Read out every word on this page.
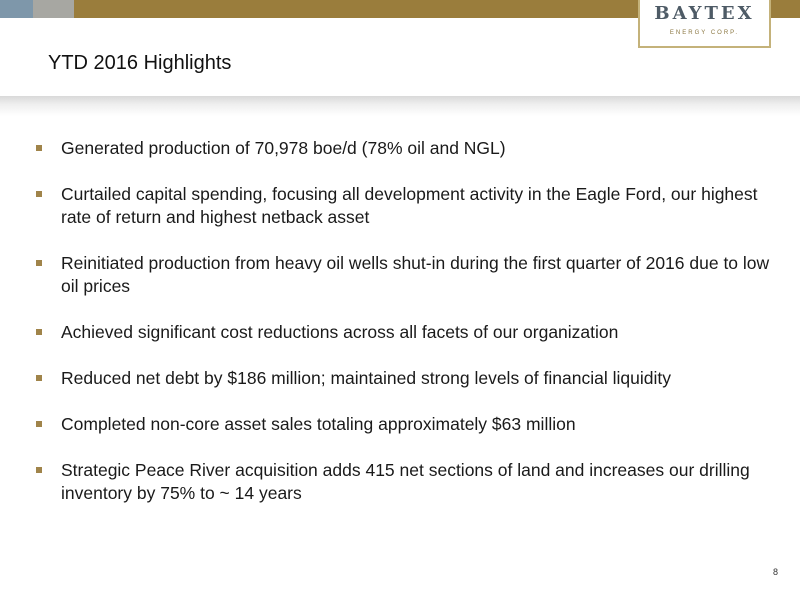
BAYTEX
ENERGY CORP.
YTD 2016 Highlights
Generated production of 70,978 boe/d (78% oil and NGL)
Curtailed capital spending, focusing all development activity in the Eagle Ford, our highest rate of return and highest netback asset
Reinitiated production from heavy oil wells shut-in during the first quarter of 2016 due to low oil prices
Achieved significant cost reductions across all facets of our organization
Reduced net debt by $186 million; maintained strong levels of financial liquidity
Completed non-core asset sales totaling approximately $63 million
Strategic Peace River acquisition adds 415 net sections of land and increases our drilling inventory by 75% to ~ 14 years
8
